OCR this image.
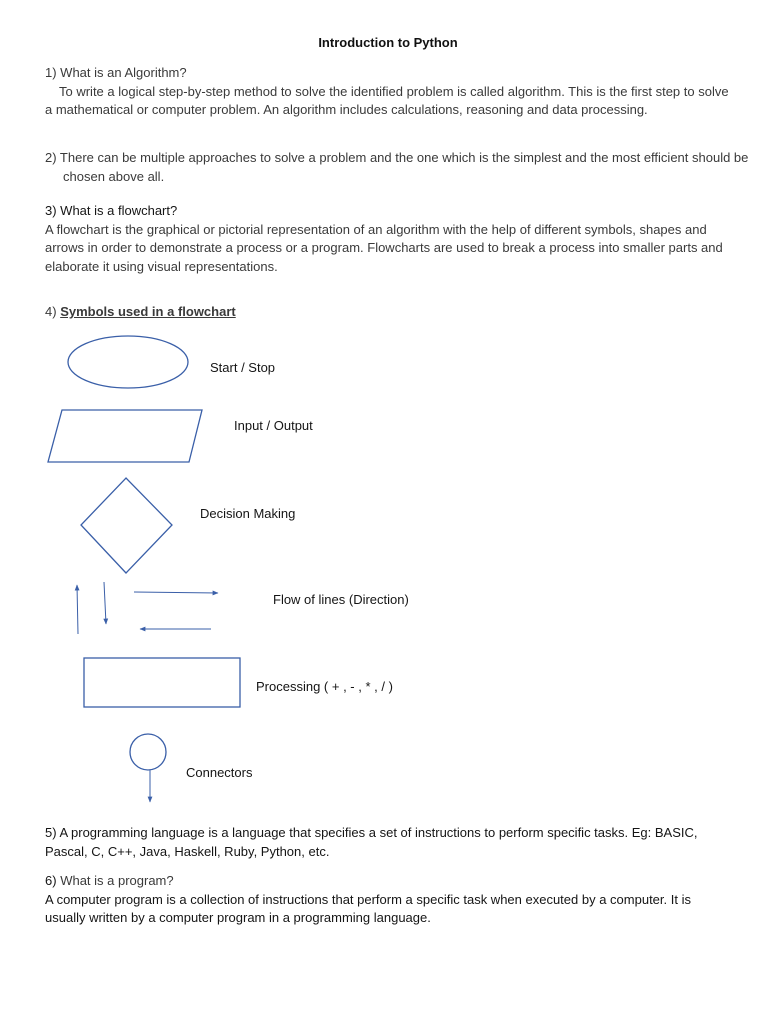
Introduction to Python
1) What is an Algorithm?
To write a logical step-by-step method to solve the identified problem is called algorithm. This is the first step to solve a mathematical or computer problem. An algorithm includes calculations, reasoning and data processing.
2) There can be multiple approaches to solve a problem and the one which is the simplest and the most efficient should be chosen above all.
3) What is a flowchart?
A flowchart is the graphical or pictorial representation of an algorithm with the help of different symbols, shapes and arrows in order to demonstrate a process or a program. Flowcharts are used to break a process into smaller parts and elaborate it using visual representations.
4) Symbols used in a flowchart
Start / Stop
Input / Output
Decision Making
Flow of lines (Direction)
Processing ( + , - , * , / )
Connectors
5) A programming language is a language that specifies a set of instructions to perform specific tasks. Eg: BASIC, Pascal, C, C++, Java, Haskell, Ruby, Python, etc.
6) What is a program?
A computer program is a collection of instructions that perform a specific task when executed by a computer. It is usually written by a computer program in a programming language.
